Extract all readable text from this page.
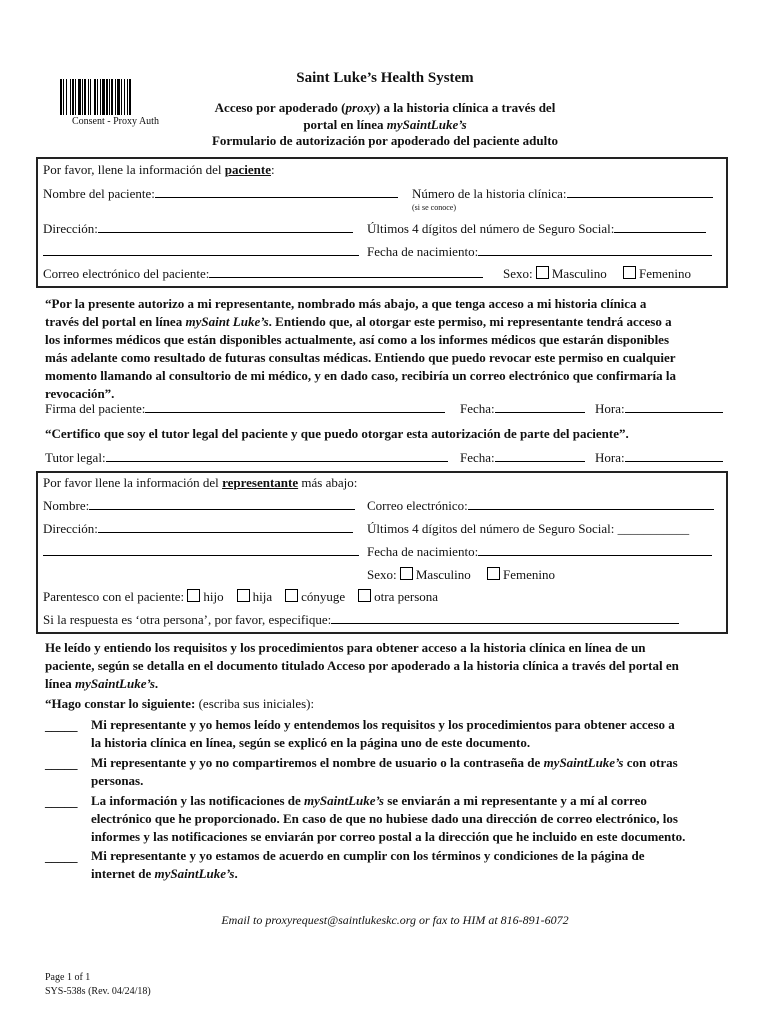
Consent - Proxy Auth
Saint Luke’s Health System
Acceso por apoderado (proxy) a la historia clínica a través del
portal en línea mySaintLuke’s
Formulario de autorización por apoderado del paciente adulto
Por favor, llene la información del paciente:
Nombre del paciente:	Número de la historia clínica:
(si se conoce)
Dirección:	Últimos 4 dígitos del número de Seguro Social:
Fecha de nacimiento:
Correo electrónico del paciente:	Sexo: Masculino Femenino
“Por la presente autorizo a mi representante, nombrado más abajo, a que tenga acceso a mi historia clínica a
través del portal en línea mySaint Luke’s. Entiendo que, al otorgar este permiso, mi representante tendrá acceso a
los informes médicos que están disponibles actualmente, así como a los informes médicos que estarán disponibles
más adelante como resultado de futuras consultas médicas. Entiendo que puedo revocar este permiso en cualquier
momento llamando al consultorio de mi médico, y en dado caso, recibiría un correo electrónico que confirmaría la
revocación”.
Firma del paciente:	Fecha:	Hora:
“Certifico que soy el tutor legal del paciente y que puedo otorgar esta autorización de parte del paciente”.
Tutor legal:	Fecha:	Hora:
Por favor llene la información del representante más abajo:
Nombre:	Correo electrónico:
Dirección:	Últimos 4 dígitos del número de Seguro Social: ___________
Fecha de nacimiento:
Sexo: Masculino Femenino
Parentesco con el paciente: hijo hija cónyuge otra persona
Si la respuesta es ‘otra persona’, por favor, especifique:
He leído y entiendo los requisitos y los procedimientos para obtener acceso a la historia clínica en línea de un
paciente, según se detalla en el documento titulado Acceso por apoderado a la historia clínica a través del portal en
línea mySaintLuke’s.
“Hago constar lo siguiente: (escriba sus iniciales):
_____ Mi representante y yo hemos leído y entendemos los requisitos y los procedimientos para obtener acceso a
la historia clínica en línea, según se explicó en la página uno de este documento.
_____ Mi representante y yo no compartiremos el nombre de usuario o la contraseña de mySaintLuke’s con otras
personas.
_____ La información y las notificaciones de mySaintLuke’s se enviarán a mi representante y a mí al correo
electrónico que he proporcionado. En caso de que no hubiese dado una dirección de correo electrónico, los
informes y las notificaciones se enviarán por correo postal a la dirección que he incluido en este documento.
_____ Mi representante y yo estamos de acuerdo en cumplir con los términos y condiciones de la página de
internet de mySaintLuke’s.
Email to proxyrequest@saintlukeskc.org or fax to HIM at 816-891-6072
Page 1 of 1
SYS-538s (Rev. 04/24/18)
